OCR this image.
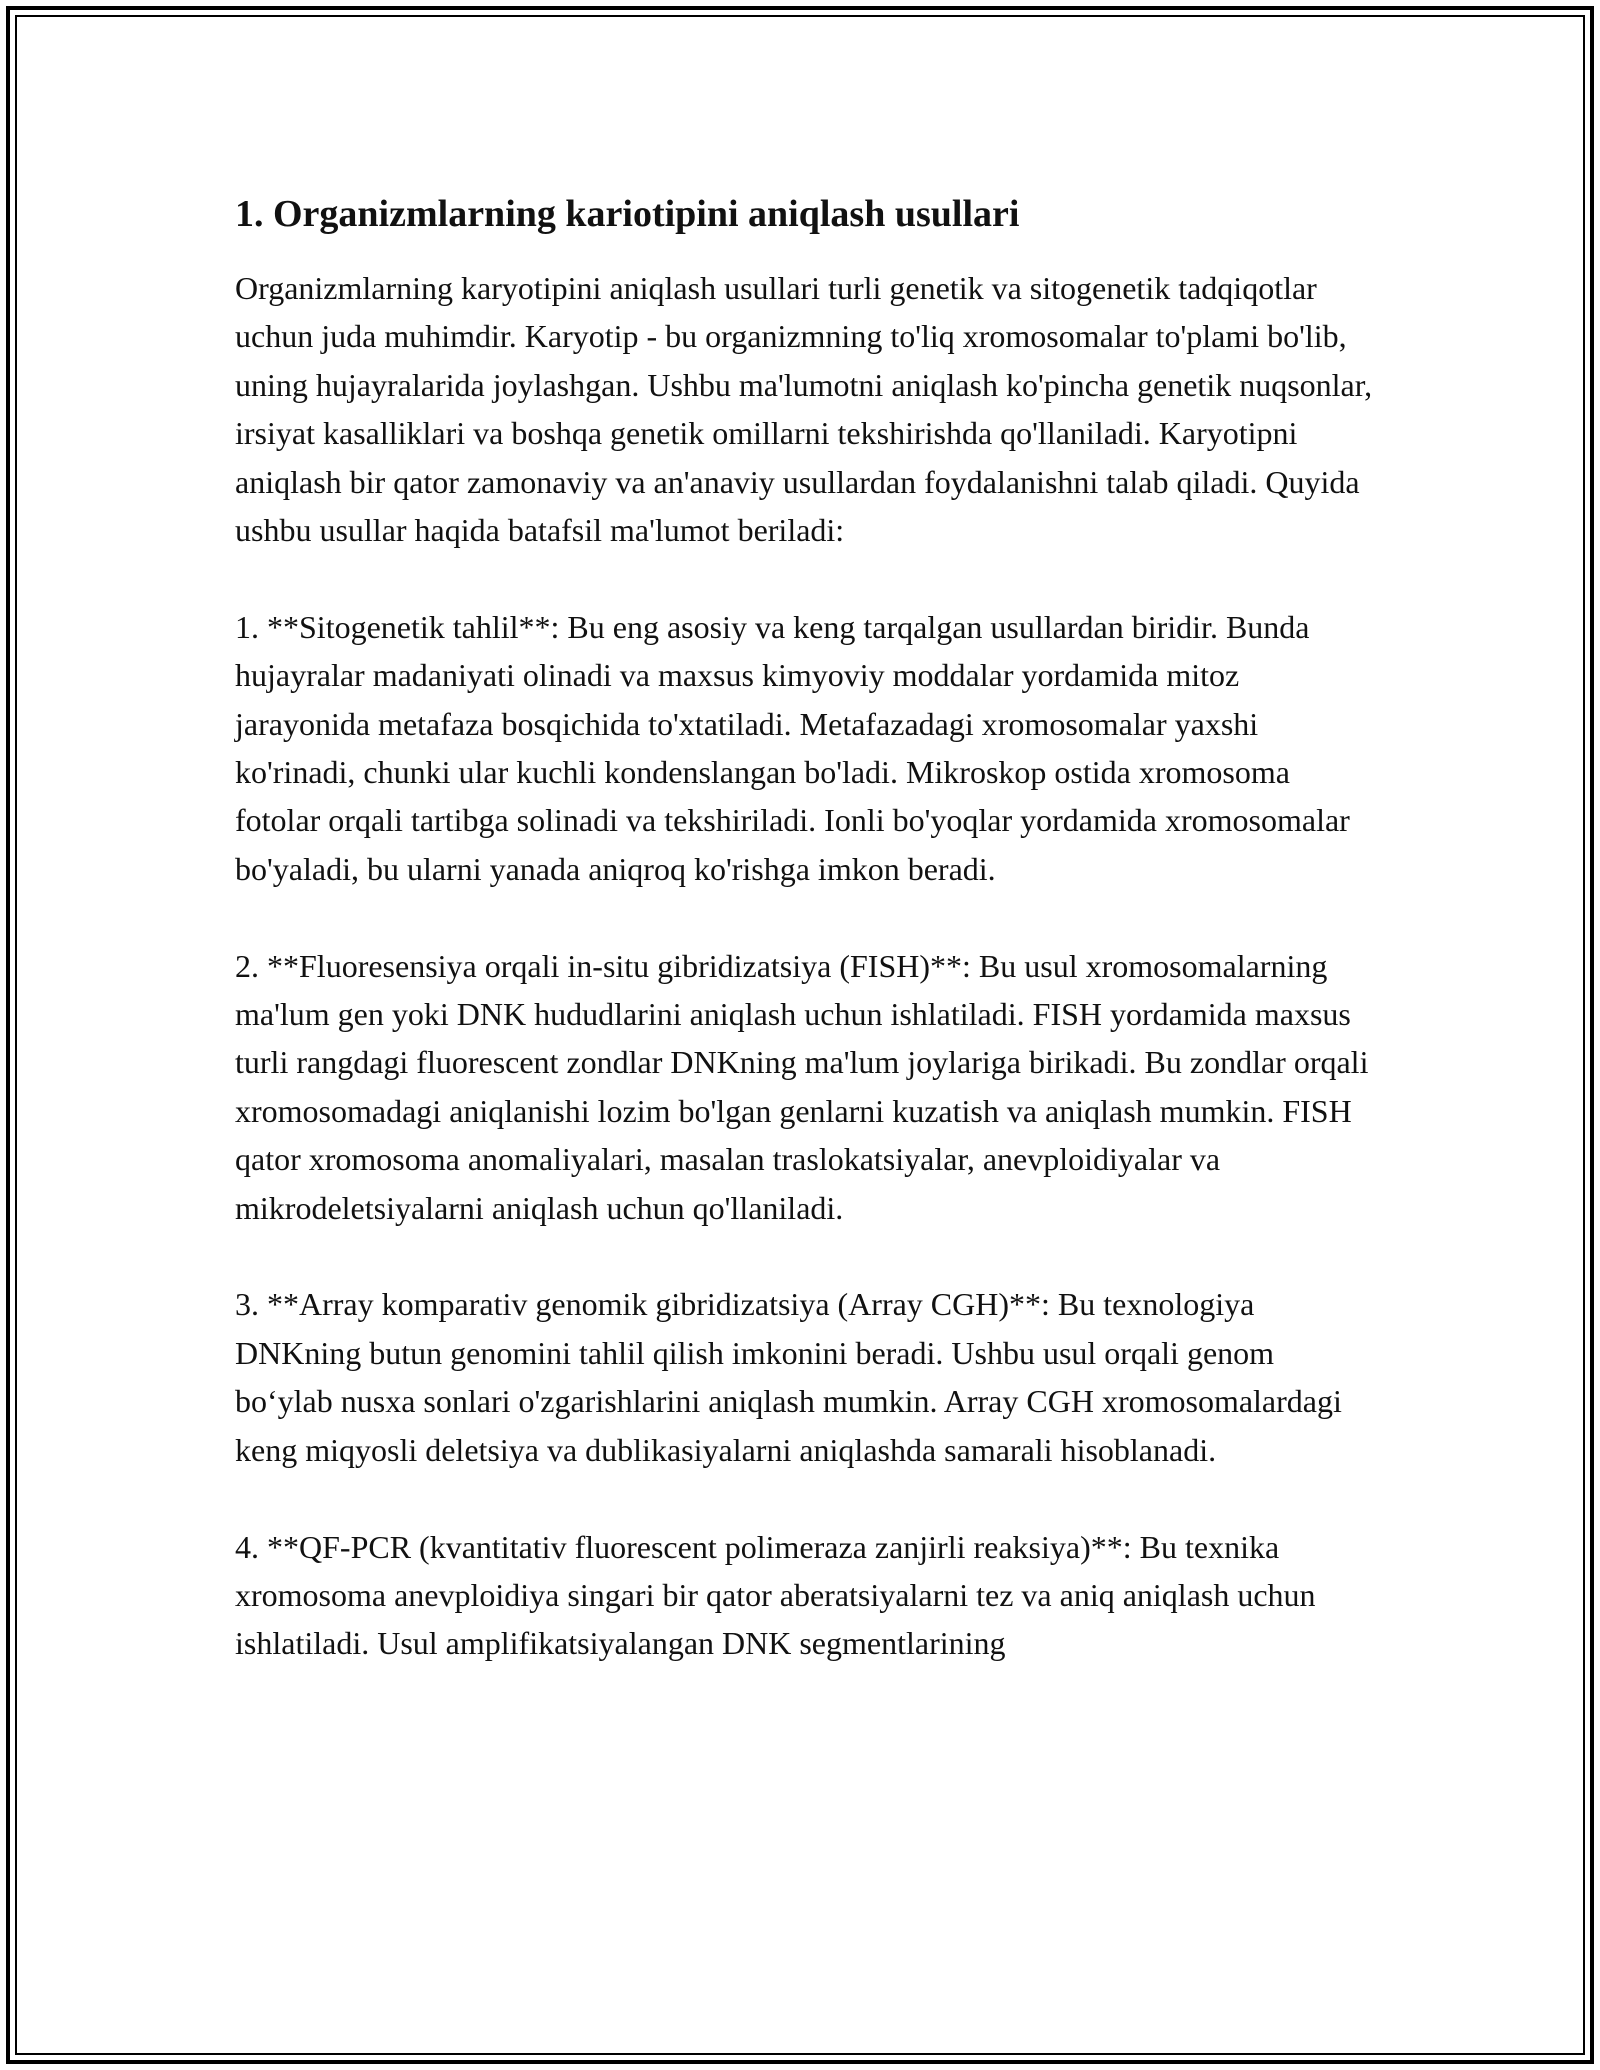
1. Organizmlarning kariotipini aniqlash usullari

Organizmlarning karyotipini aniqlash usullari turli genetik va sitogenetik tadqiqotlar uchun juda muhimdir. Karyotip - bu organizmning to'liq xromosomalar to'plami bo'lib, uning hujayralarida joylashgan. Ushbu ma'lumotni aniqlash ko'pincha genetik nuqsonlar, irsiyat kasalliklari va boshqa genetik omillarni tekshirishda qo'llaniladi. Karyotipni aniqlash bir qator zamonaviy va an'anaviy usullardan foydalanishni talab qiladi. Quyida ushbu usullar haqida batafsil ma'lumot beriladi:

1. **Sitogenetik tahlil**: Bu eng asosiy va keng tarqalgan usullardan biridir. Bunda hujayralar madaniyati olinadi va maxsus kimyoviy moddalar yordamida mitoz jarayonida metafaza bosqichida to'xtatiladi. Metafazadagi xromosomalar yaxshi ko'rinadi, chunki ular kuchli kondenslangan bo'ladi. Mikroskop ostida xromosoma fotolar orqali tartibga solinadi va tekshiriladi. Ionli bo'yoqlar yordamida xromosomalar bo'yaladi, bu ularni yanada aniqroq ko'rishga imkon beradi.

2. **Fluoresensiya orqali in-situ gibridizatsiya (FISH)**: Bu usul xromosomalarning ma'lum gen yoki DNK hududlarini aniqlash uchun ishlatiladi. FISH yordamida maxsus turli rangdagi fluorescent zondlar DNKning ma'lum joylariga birikadi. Bu zondlar orqali xromosomadagi aniqlanishi lozim bo'lgan genlarni kuzatish va aniqlash mumkin. FISH qator xromosoma anomaliyalari, masalan traslokatsiyalar, anevploidiyalar va mikrodeletsiyalarni aniqlash uchun qo'llaniladi.

3. **Array komparativ genomik gibridizatsiya (Array CGH)**: Bu texnologiya DNKning butun genomini tahlil qilish imkonini beradi. Ushbu usul orqali genom bo‘ylab nusxa sonlari o'zgarishlarini aniqlash mumkin. Array CGH xromosomalardagi keng miqyosli deletsiya va dublikasiyalarni aniqlashda samarali hisoblanadi.

4. **QF-PCR (kvantitativ fluorescent polimeraza zanjirli reaksiya)**: Bu texnika xromosoma anevploidiya singari bir qator aberatsiyalarni tez va aniq aniqlash uchun ishlatiladi. Usul amplifikatsiyalangan DNK segmentlarining
